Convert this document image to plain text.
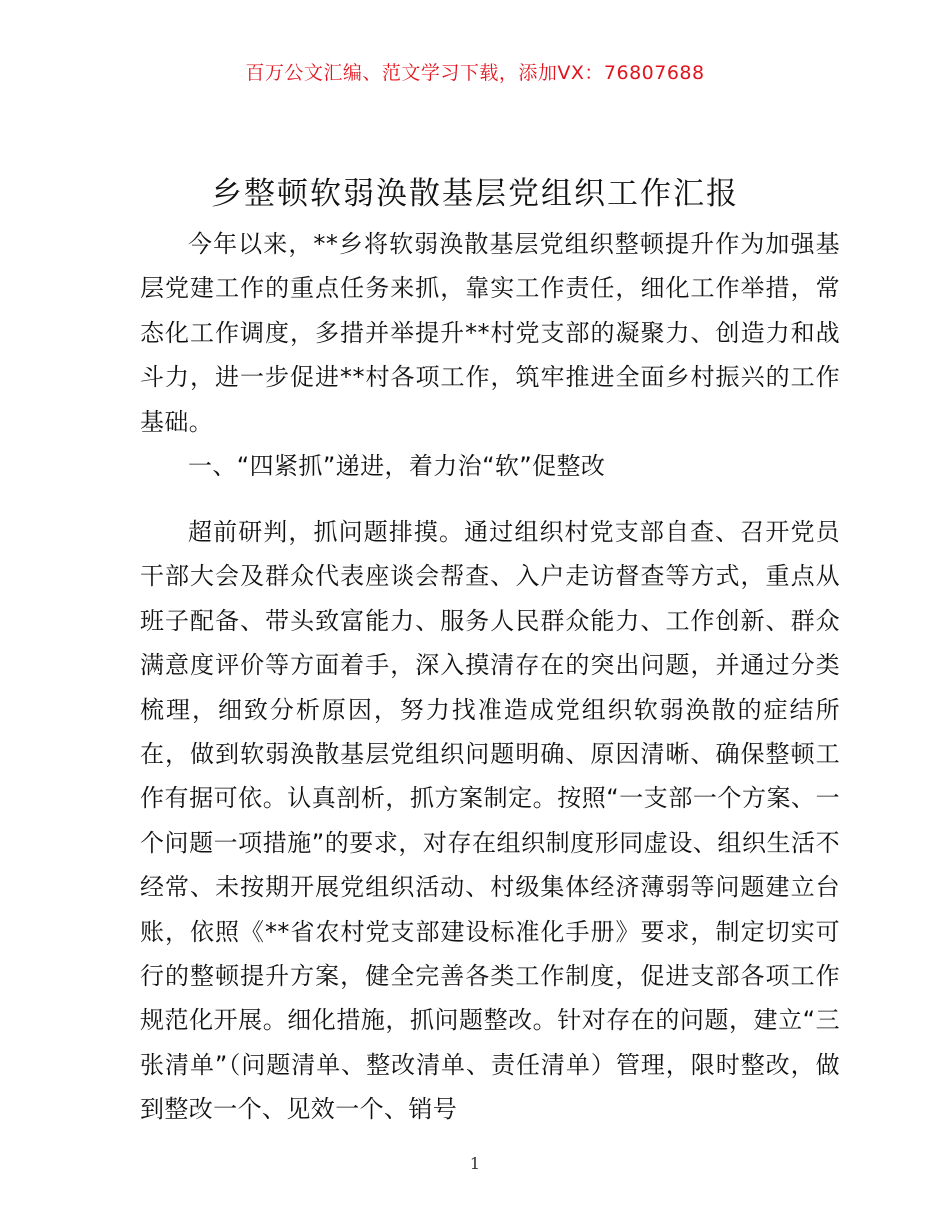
百万公文汇编、范文学习下载，添加VX：76807688
乡整顿软弱涣散基层党组织工作汇报
今年以来，**乡将软弱涣散基层党组织整顿提升作为加强基层党建工作的重点任务来抓，靠实工作责任，细化工作举措，常态化工作调度，多措并举提升**村党支部的凝聚力、创造力和战斗力，进一步促进**村各项工作，筑牢推进全面乡村振兴的工作基础。
一、“四紧抓”递进，着力治“软”促整改
超前研判，抓问题排摸。通过组织村党支部自查、召开党员干部大会及群众代表座谈会帮查、入户走访督查等方式，重点从班子配备、带头致富能力、服务人民群众能力、工作创新、群众满意度评价等方面着手，深入摸清存在的突出问题，并通过分类梳理，细致分析原因，努力找准造成党组织软弱涣散的症结所在，做到软弱涣散基层党组织问题明确、原因清晰、确保整顿工作有据可依。认真剖析，抓方案制定。按照“一支部一个方案、一个问题一项措施”的要求，对存在组织制度形同虚设、组织生活不经常、未按期开展党组织活动、村级集体经济薄弱等问题建立台账，依照《**省农村党支部建设标准化手册》要求，制定切实可行的整顿提升方案，健全完善各类工作制度，促进支部各项工作规范化开展。细化措施，抓问题整改。针对存在的问题，建立“三张清单”（问题清单、整改清单、责任清单）管理，限时整改，做到整改一个、见效一个、销号
1
